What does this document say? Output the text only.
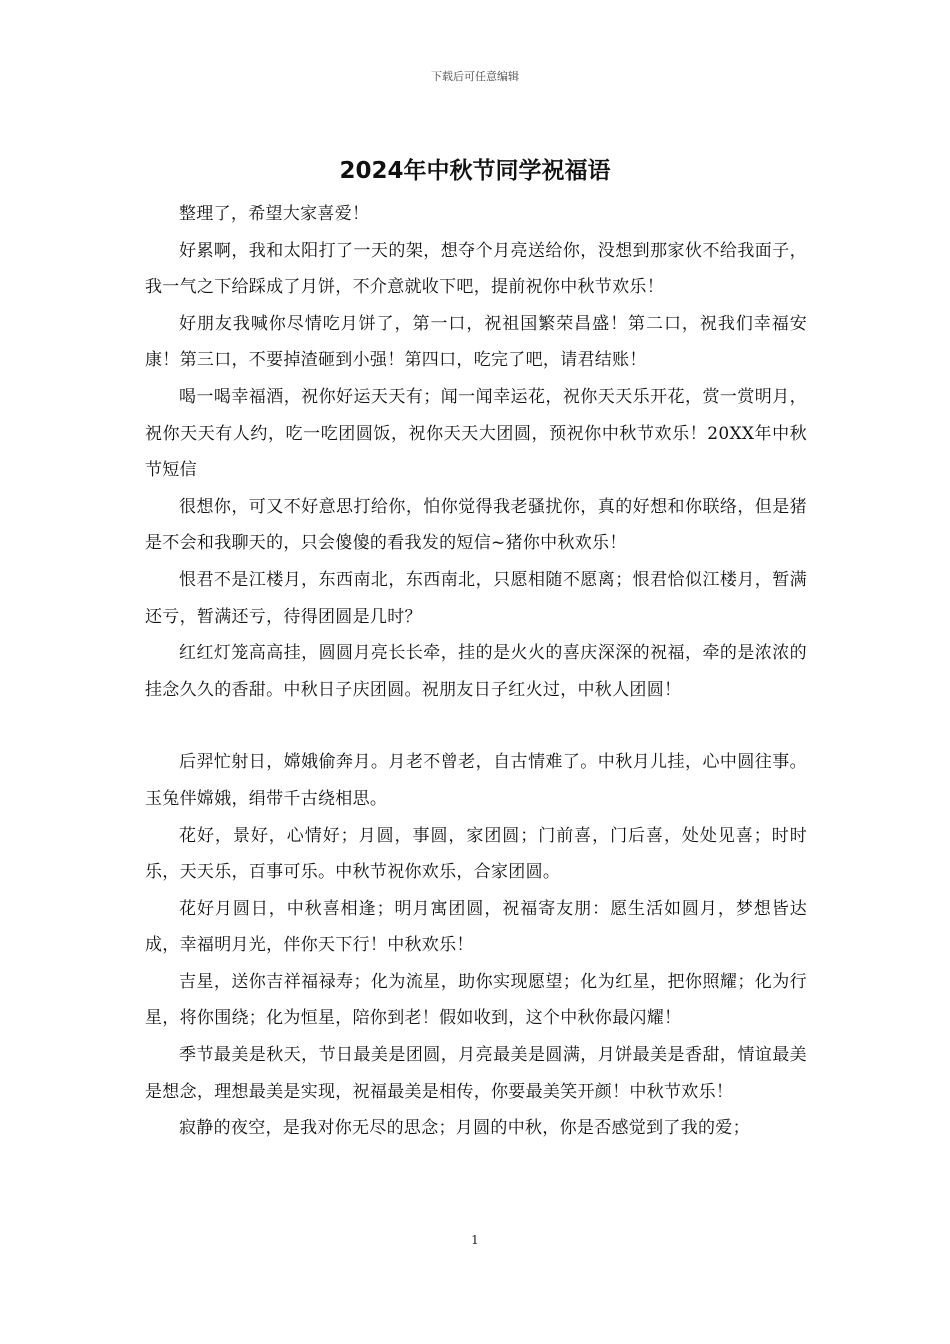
下载后可任意编辑
2024年中秋节同学祝福语

整理了，希望大家喜爱！

好累啊，我和太阳打了一天的架，想夺个月亮送给你，没想到那家伙不给我面子，我一气之下给踩成了月饼，不介意就收下吧，提前祝你中秋节欢乐！

好朋友我喊你尽情吃月饼了，第一口，祝祖国繁荣昌盛！第二口，祝我们幸福安康！第三口，不要掉渣砸到小强！第四口，吃完了吧，请君结账！

喝一喝幸福酒，祝你好运天天有；闻一闻幸运花，祝你天天乐开花，赏一赏明月，祝你天天有人约，吃一吃团圆饭，祝你天天大团圆，预祝你中秋节欢乐！20XX年中秋节短信

很想你，可又不好意思打给你，怕你觉得我老骚扰你，真的好想和你联络，但是猪是不会和我聊天的，只会傻傻的看我发的短信~猪你中秋欢乐！

恨君不是江楼月，东西南北，东西南北，只愿相随不愿离；恨君恰似江楼月，暂满还亏，暂满还亏，待得团圆是几时？

红红灯笼高高挂，圆圆月亮长长牵，挂的是火火的喜庆深深的祝福，牵的是浓浓的挂念久久的香甜。中秋日子庆团圆。祝朋友日子红火过，中秋人团圆！

后羿忙射日，嫦娥偷奔月。月老不曾老，自古情难了。中秋月儿挂，心中圆往事。玉兔伴嫦娥，绢带千古绕相思。

花好，景好，心情好；月圆，事圆，家团圆；门前喜，门后喜，处处见喜；时时乐，天天乐，百事可乐。中秋节祝你欢乐，合家团圆。

花好月圆日，中秋喜相逢；明月寓团圆，祝福寄友朋：愿生活如圆月，梦想皆达成，幸福明月光，伴你天下行！中秋欢乐！

吉星，送你吉祥福禄寿；化为流星，助你实现愿望；化为红星，把你照耀；化为行星，将你围绕；化为恒星，陪你到老！假如收到，这个中秋你最闪耀！

季节最美是秋天，节日最美是团圆，月亮最美是圆满，月饼最美是香甜，情谊最美是想念，理想最美是实现，祝福最美是相传，你要最美笑开颜！中秋节欢乐！

寂静的夜空，是我对你无尽的思念；月圆的中秋，你是否感觉到了我的爱；

1
